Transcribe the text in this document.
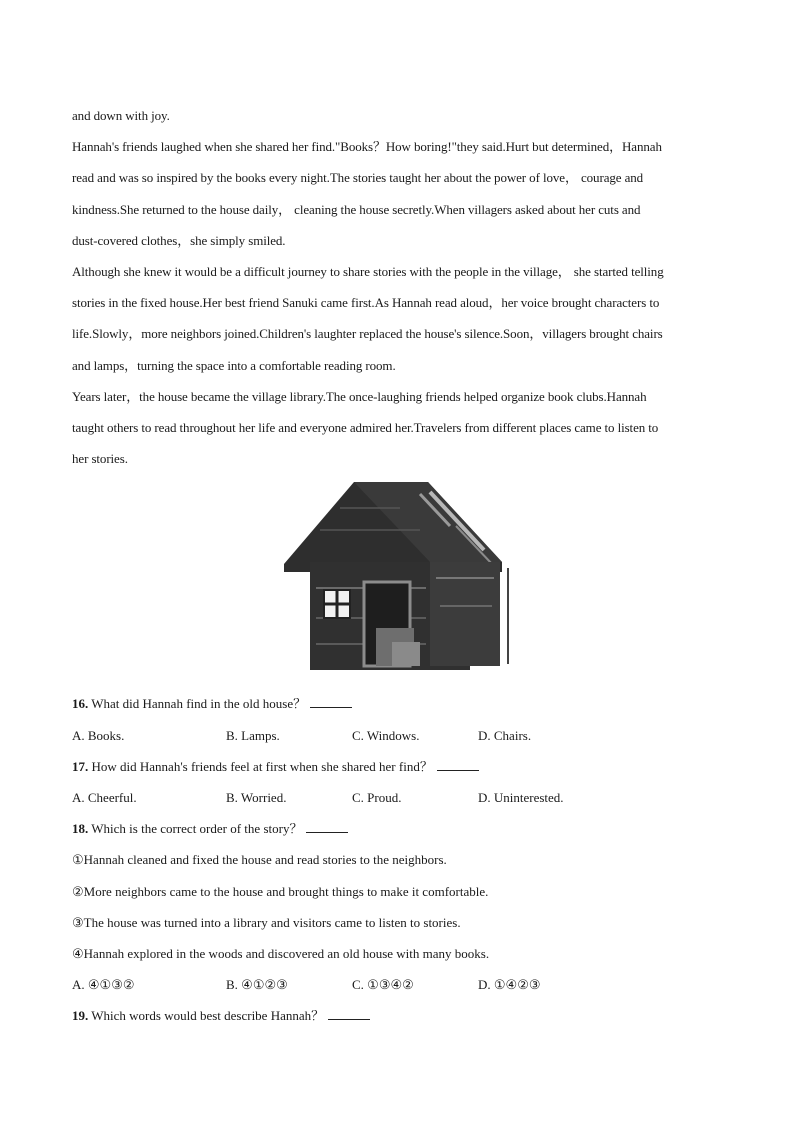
and down with joy.
Hannah's friends laughed when she shared her find."Books？How boring!"they said.Hurt but determined，Hannah
read and was so inspired by the books every night.The stories taught her about the power of love， courage and
kindness.She returned to the house daily， cleaning the house secretly.When villagers asked about her cuts and
dust-covered clothes，she simply smiled.
Although she knew it would be a difficult journey to share stories with the people in the village， she started telling
stories in the fixed house.Her best friend Sanuki came first.As Hannah read aloud，her voice brought characters to
life.Slowly，more neighbors joined.Children's laughter replaced the house's silence.Soon，villagers brought chairs
and lamps，turning the space into a comfortable reading room.
Years later，the house became the village library.The once-laughing friends helped organize book clubs.Hannah
taught others to read throughout her life and everyone admired her.Travelers from different places came to listen to
her stories.
16. What did Hannah find in the old house？
A. Books.	B. Lamps.	C. Windows.	D. Chairs.
17. How did Hannah's friends feel at first when she shared her find？
A. Cheerful.	B. Worried.	C. Proud.	D. Uninterested.
18. Which is the correct order of the story？
①Hannah cleaned and fixed the house and read stories to the neighbors.
②More neighbors came to the house and brought things to make it comfortable.
③The house was turned into a library and visitors came to listen to stories.
④Hannah explored in the woods and discovered an old house with many books.
A. ④①③②	B. ④①②③	C. ①③④②	D. ①④②③
19. Which words would best describe Hannah？
